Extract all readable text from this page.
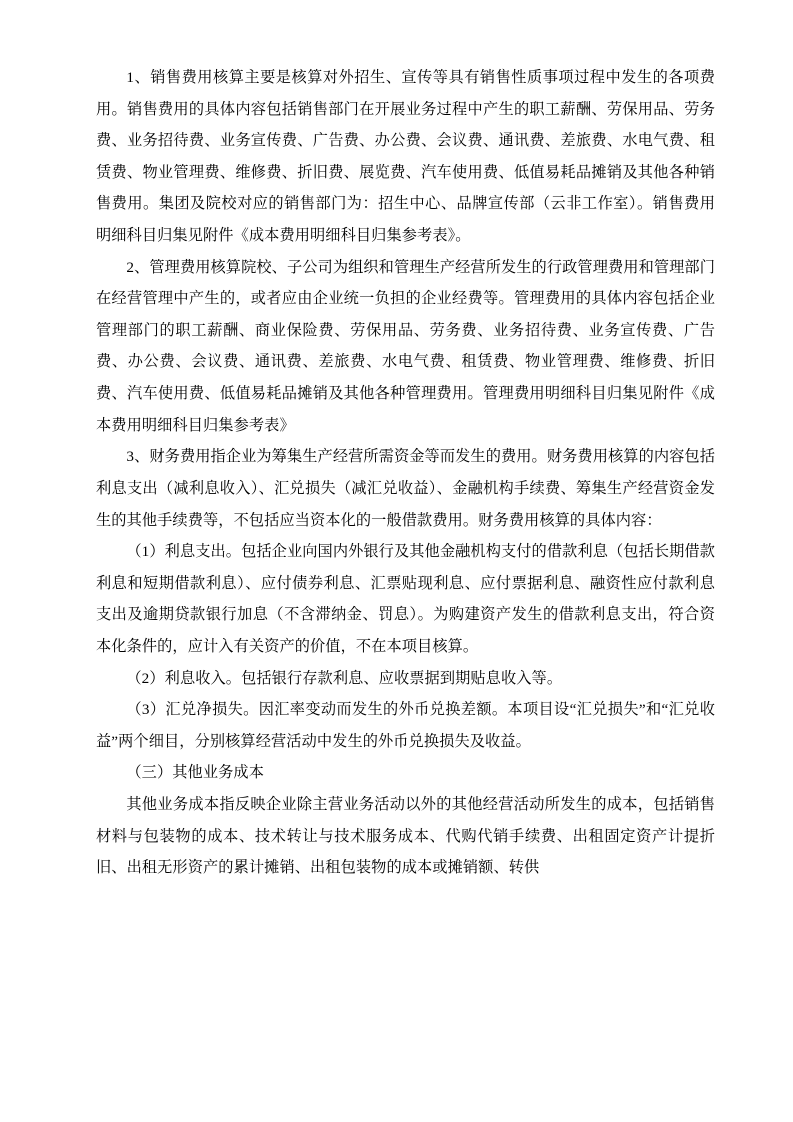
1、销售费用核算主要是核算对外招生、宣传等具有销售性质事项过程中发生的各项费用。销售费用的具体内容包括销售部门在开展业务过程中产生的职工薪酬、劳保用品、劳务费、业务招待费、业务宣传费、广告费、办公费、会议费、通讯费、差旅费、水电气费、租赁费、物业管理费、维修费、折旧费、展览费、汽车使用费、低值易耗品摊销及其他各种销售费用。集团及院校对应的销售部门为：招生中心、品牌宣传部（云非工作室）。销售费用明细科目归集见附件《成本费用明细科目归集参考表》。

2、管理费用核算院校、子公司为组织和管理生产经营所发生的行政管理费用和管理部门在经营管理中产生的，或者应由企业统一负担的企业经费等。管理费用的具体内容包括企业管理部门的职工薪酬、商业保险费、劳保用品、劳务费、业务招待费、业务宣传费、广告费、办公费、会议费、通讯费、差旅费、水电气费、租赁费、物业管理费、维修费、折旧费、汽车使用费、低值易耗品摊销及其他各种管理费用。管理费用明细科目归集见附件《成本费用明细科目归集参考表》

3、财务费用指企业为筹集生产经营所需资金等而发生的费用。财务费用核算的内容包括利息支出（减利息收入）、汇兑损失（减汇兑收益）、金融机构手续费、筹集生产经营资金发生的其他手续费等，不包括应当资本化的一般借款费用。财务费用核算的具体内容：

（1）利息支出。包括企业向国内外银行及其他金融机构支付的借款利息（包括长期借款利息和短期借款利息）、应付债券利息、汇票贴现利息、应付票据利息、融资性应付款利息支出及逾期贷款银行加息（不含滞纳金、罚息）。为购建资产发生的借款利息支出，符合资本化条件的，应计入有关资产的价值，不在本项目核算。

（2）利息收入。包括银行存款利息、应收票据到期贴息收入等。

（3）汇兑净损失。因汇率变动而发生的外币兑换差额。本项目设“汇兑损失”和“汇兑收益”两个细目，分别核算经营活动中发生的外币兑换损失及收益。

（三）其他业务成本

其他业务成本指反映企业除主营业务活动以外的其他经营活动所发生的成本，包括销售材料与包装物的成本、技术转让与技术服务成本、代购代销手续费、出租固定资产计提折旧、出租无形资产的累计摊销、出租包装物的成本或摊销额、转供
